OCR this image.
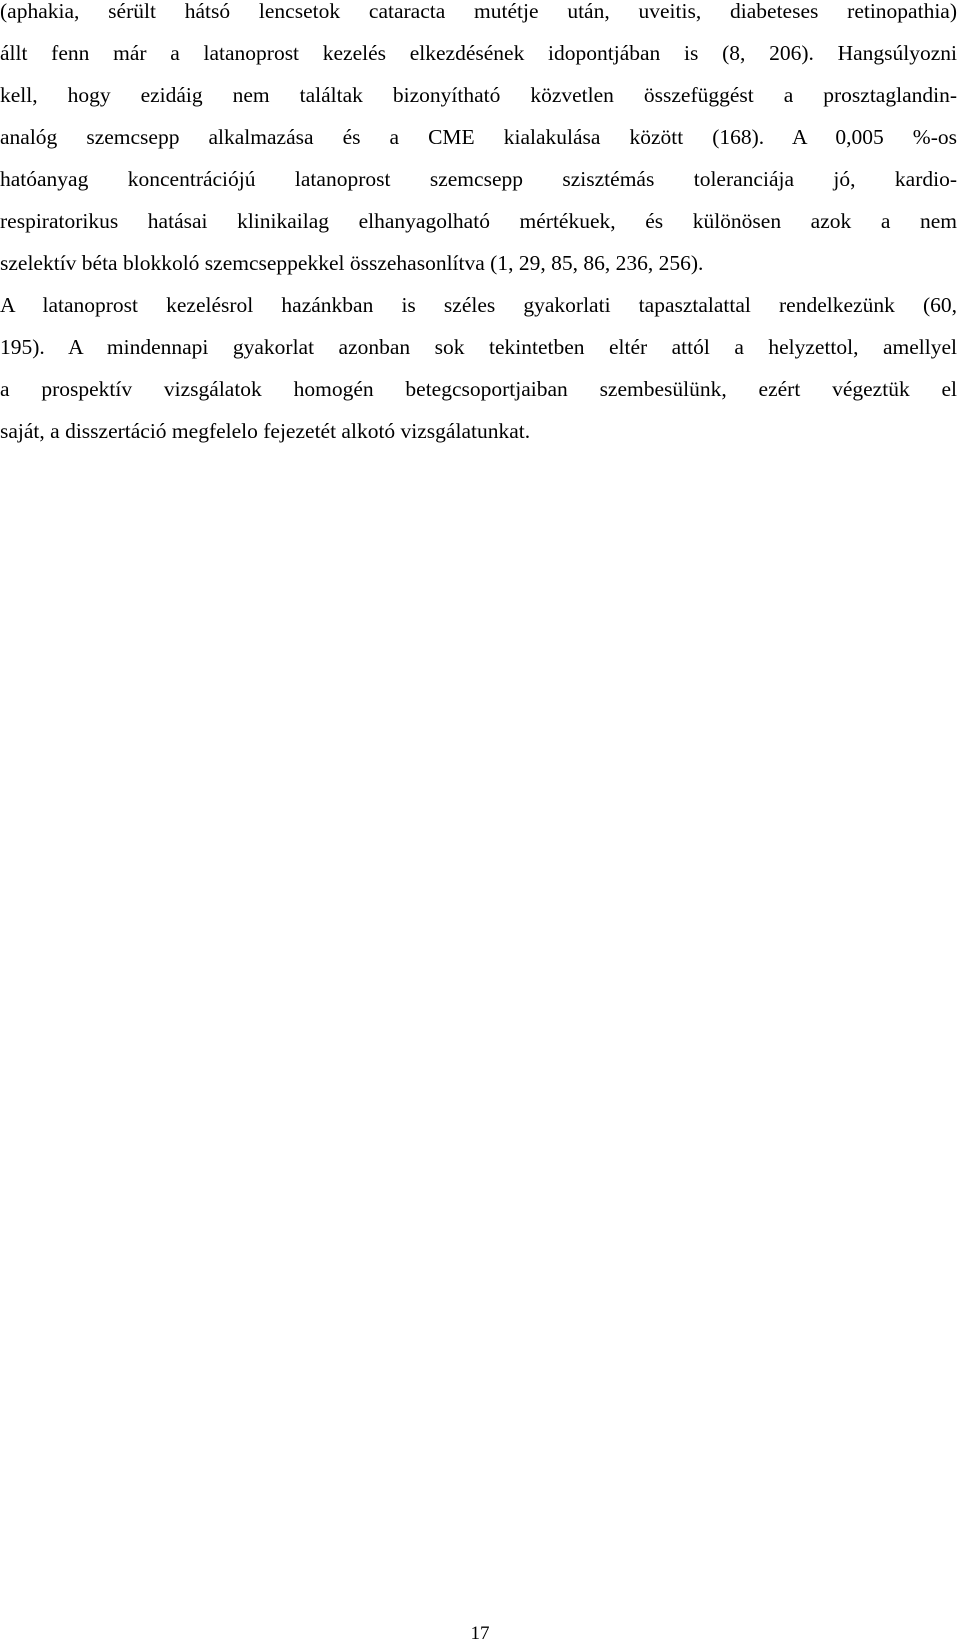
(aphakia, sérült hátsó lencsetok cataracta mutétje után, uveitis, diabeteses retinopathia)
állt fenn már a latanoprost kezelés elkezdésének idopontjában is (8, 206). Hangsúlyozni
kell, hogy ezidáig nem találtak bizonyítható közvetlen összefüggést a prosztaglandin-
analóg szemcsepp alkalmazása és a CME kialakulása között (168). A 0,005 %-os
hatóanyag koncentrációjú latanoprost szemcsepp szisztémás toleranciája jó, kardio-
respiratorikus hatásai klinikailag elhanyagolható mértékuek, és különösen azok a nem
szelektív béta blokkoló szemcseppekkel összehasonlítva (1, 29, 85, 86, 236, 256).
A latanoprost kezelésrol hazánkban is széles gyakorlati tapasztalattal rendelkezünk (60,
195). A mindennapi gyakorlat azonban sok tekintetben eltér attól a helyzettol, amellyel
a prospektív vizsgálatok homogén betegcsoportjaiban szembesülünk, ezért végeztük el
saját, a disszertáció megfelelo fejezetét alkotó vizsgálatunkat.
17
